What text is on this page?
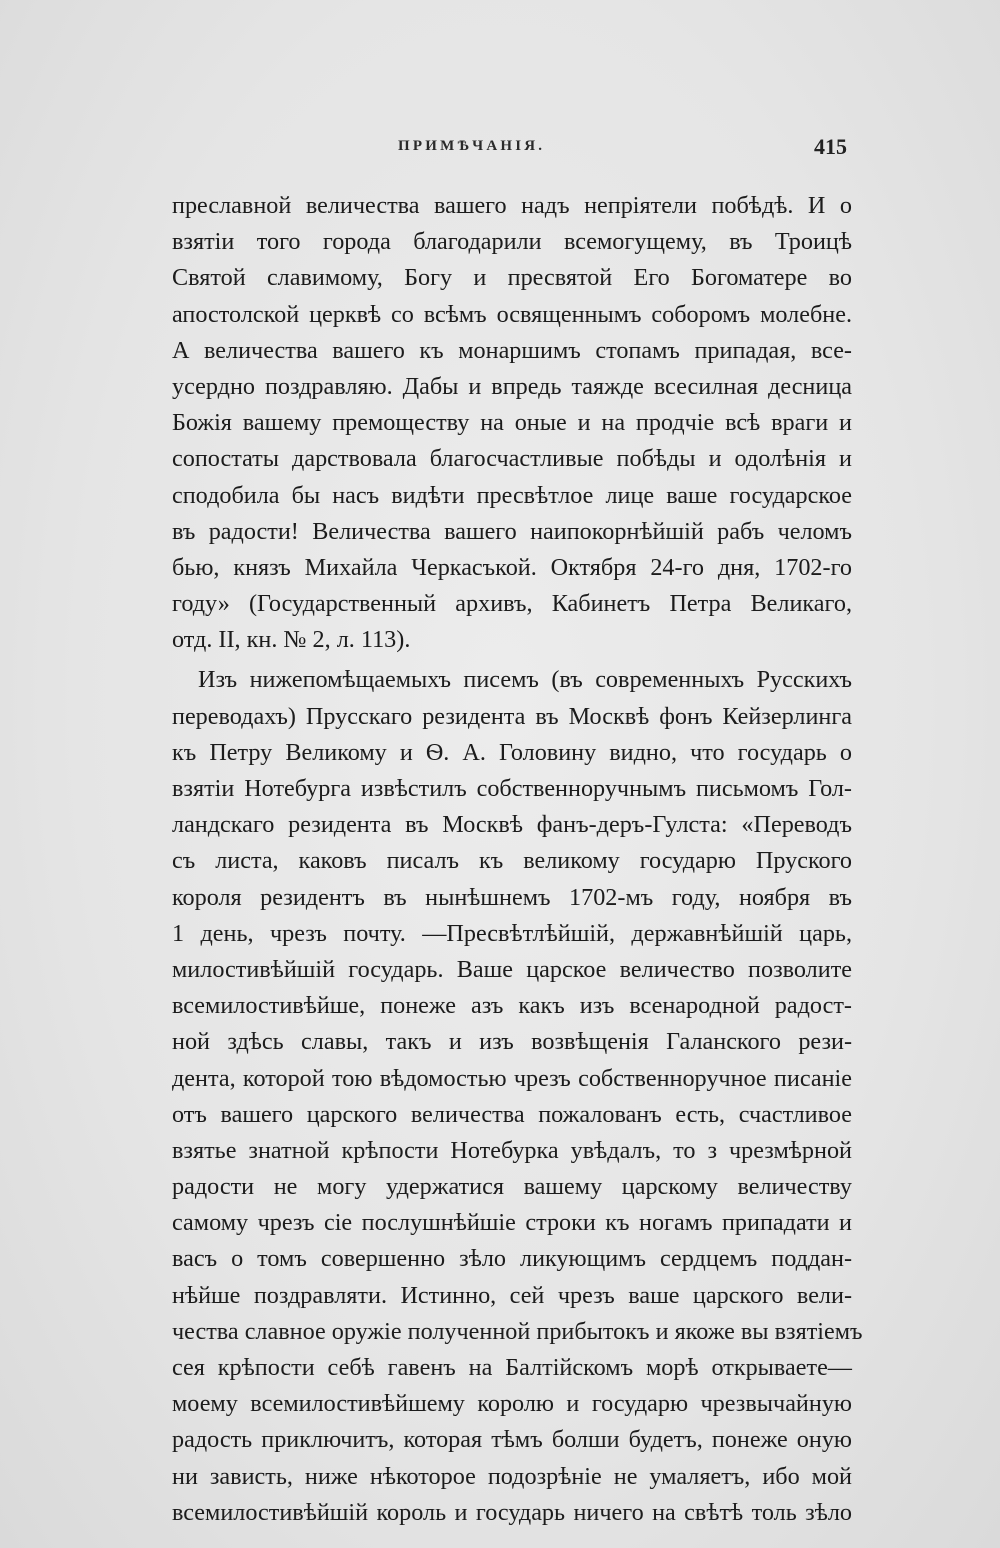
ПРИМѢЧАНІЯ.	415
преславной величества вашего надъ непріятели побѣдѣ. И о
взятіи того города благодарили всемогущему, въ Троицѣ
Святой славимому, Богу и пресвятой Его Богоматере во
апостолской церквѣ со всѣмъ освященнымъ соборомъ молебне.
А величества вашего къ монаршимъ стопамъ припадая, все-
усердно поздравляю. Дабы и впредь таяжде всесилная десница
Божія вашему премоществу на оные и на продчіе всѣ враги и
сопостаты дарствовала благосчастливые побѣды и одолѣнія и
сподобила бы насъ видѣти пресвѣтлое лице ваше государское
въ радости! Величества вашего наипокорнѣйшій рабъ челомъ
бью, князъ Михайла Черкасъкой. Октября 24-го дня, 1702-го
году» (Государственный архивъ, Кабинетъ Петра Великаго,
отд. II, кн. № 2, л. 113).
Изъ нижепомѣщаемыхъ писемъ (въ современныхъ Русскихъ
переводахъ) Прусскаго резидента въ Москвѣ фонъ Кейзерлинга
къ Петру Великому и Ѳ. А. Головину видно, что государь о
взятіи Нотебурга извѣстилъ собственноручнымъ письмомъ Гол-
ландскаго резидента въ Москвѣ фанъ-деръ-Гулста: «Переводъ
съ листа, каковъ писалъ къ великому государю Пруского
короля резидентъ въ нынѣшнемъ 1702-мъ году, ноября въ
1 день, чрезъ почту. —Пресвѣтлѣйшій, державнѣйшій царь,
милостивѣйшій государь. Ваше царское величество позволите
всемилостивѣйше, понеже азъ какъ изъ всенародной радост-
ной здѣсь славы, такъ и изъ возвѣщенія Галанского рези-
дента, которой тою вѣдомостью чрезъ собственноручное писаніе
отъ вашего царского величества пожалованъ есть, счастливое
взятье знатной крѣпости Нотебурка увѣдалъ, то з чрезмѣрной
радости не могу удержатися вашему царскому величеству
самому чрезъ сіе послушнѣйшіе строки къ ногамъ припадати и
васъ о томъ совершенно зѣло ликующимъ сердцемъ поддан-
нѣйше поздравляти. Истинно, сей чрезъ ваше царского вели-
чества славное оружіе полученной прибытокъ и якоже вы взятіемъ
сея крѣпости себѣ гавенъ на Балтійскомъ морѣ открываете—
моему всемилостивѣйшему королю и государю чрезвычайную
радость приключитъ, которая тѣмъ болши будетъ, понеже оную
ни зависть, ниже нѣкоторое подозрѣніе не умаляетъ, ибо мой
всемилостивѣйшій король и государь ничего на свѣтѣ толь зѣло
